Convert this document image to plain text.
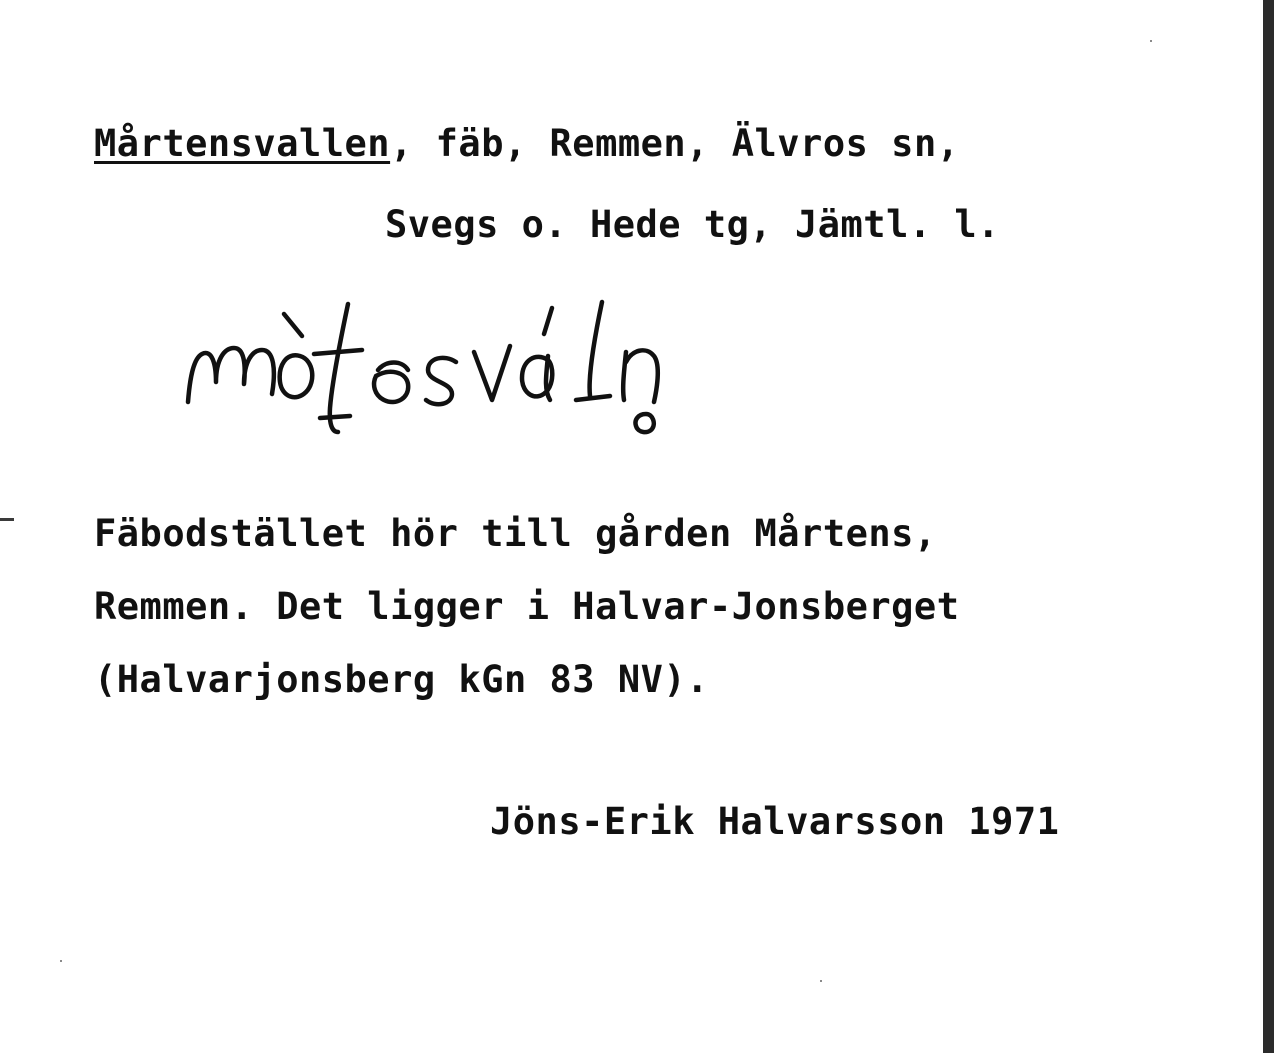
Mårtensvallen, fäb, Remmen, Älvros sn,
Svegs o. Hede tg, Jämtl. l.
Fäbodstället hör till gården Mårtens,
Remmen. Det ligger i Halvar-Jonsberget
(Halvarjonsberg kGn 83 NV).
Jöns-Erik Halvarsson 1971
